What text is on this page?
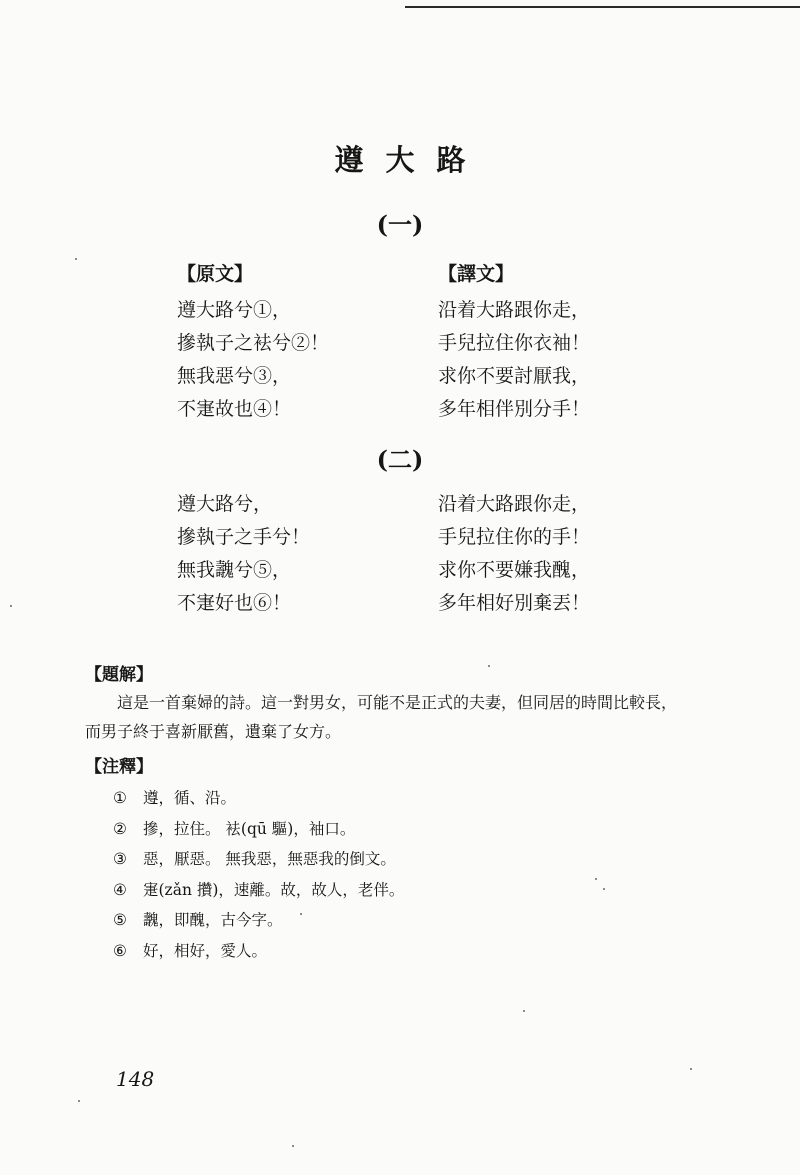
遵大路
(一)
【原文】
遵大路兮①，
摻執子之袪兮②！
無我惡兮③，
不寁故也④！
【譯文】
沿着大路跟你走，
手兒拉住你衣袖！
求你不要討厭我，
多年相伴別分手！
(二)
遵大路兮，
摻執子之手兮！
無我魗兮⑤，
不寁好也⑥！
沿着大路跟你走，
手兒拉住你的手！
求你不要嫌我醜，
多年相好別棄丟！
【題解】
這是一首棄婦的詩。這一對男女，可能不是正式的夫妻，但同居的時間比較長，而男子終于喜新厭舊，遺棄了女方。
【注釋】
① 遵，循、沿。
② 摻，拉住。 袪(qū 驅)，袖口。
③ 惡，厭惡。 無我惡，無惡我的倒文。
④ 寁(zǎn 攢)，速離。故，故人，老伴。
⑤ 魗，即醜，古今字。
⑥ 好，相好，愛人。
148
